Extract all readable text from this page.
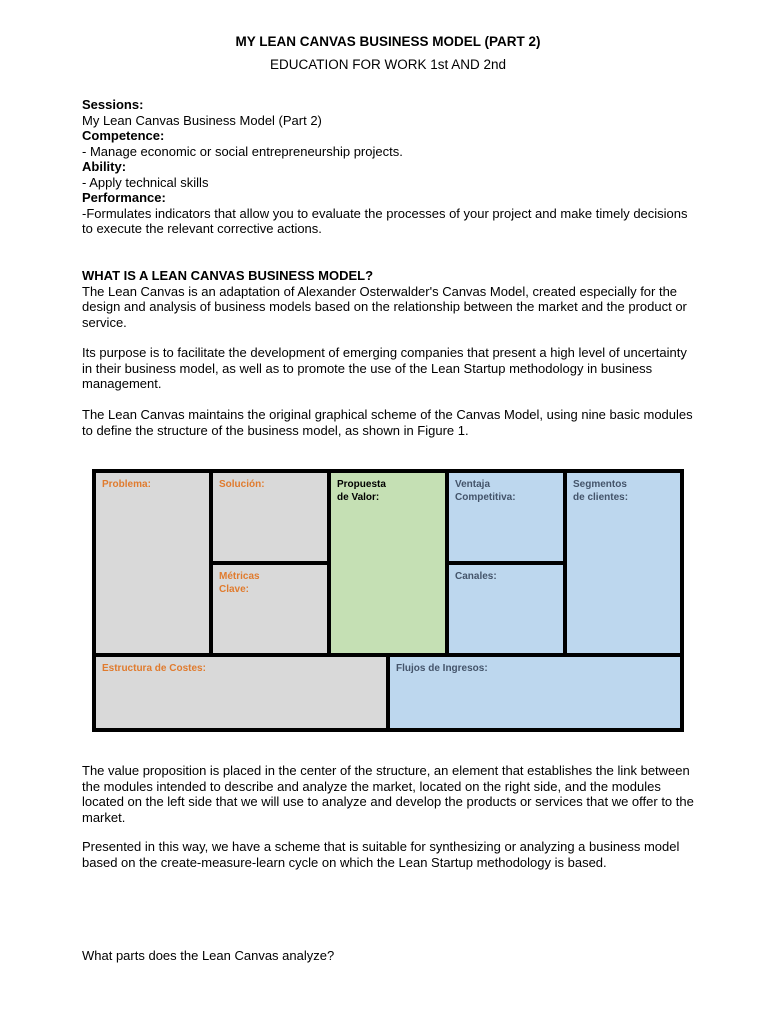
MY LEAN CANVAS BUSINESS MODEL (PART 2)
EDUCATION FOR WORK 1st AND 2nd

Sessions:

My Lean Canvas Business Model (Part 2)

Competence:

- Manage economic or social entrepreneurship projects.

Ability:

- Apply technical skills

Performance:

-Formulates indicators that allow you to evaluate the processes of your project and make timely decisions to execute the relevant corrective actions.

WHAT IS A LEAN CANVAS BUSINESS MODEL?

The Lean Canvas is an adaptation of Alexander Osterwalder's Canvas Model, created especially for the design and analysis of business models based on the relationship between the market and the product or service.

Its purpose is to facilitate the development of emerging companies that present a high level of uncertainty in their business model, as well as to promote the use of the Lean Startup methodology in business management.
The Lean Canvas maintains the original graphical scheme of the Canvas Model, using nine basic modules to define the structure of the business model, as shown in Figure 1.
The value proposition is placed in the center of the structure, an element that establishes the link between the modules intended to describe and analyze the market, located on the right side, and the modules located on the left side that we will use to analyze and develop the products or services that we offer to the market.
Presented in this way, we have a scheme that is suitable for synthesizing or analyzing a business model based on the create-measure-learn cycle on which the Lean Startup methodology is based.
What parts does the Lean Canvas analyze?
Problema:	Solución:
Métricas
Clave:
Propuesta
de Valor:
Ventaja
Competitiva:
Canales:
Segmentos
de clientes:
Estructura de Costes:	Flujos de Ingresos:
